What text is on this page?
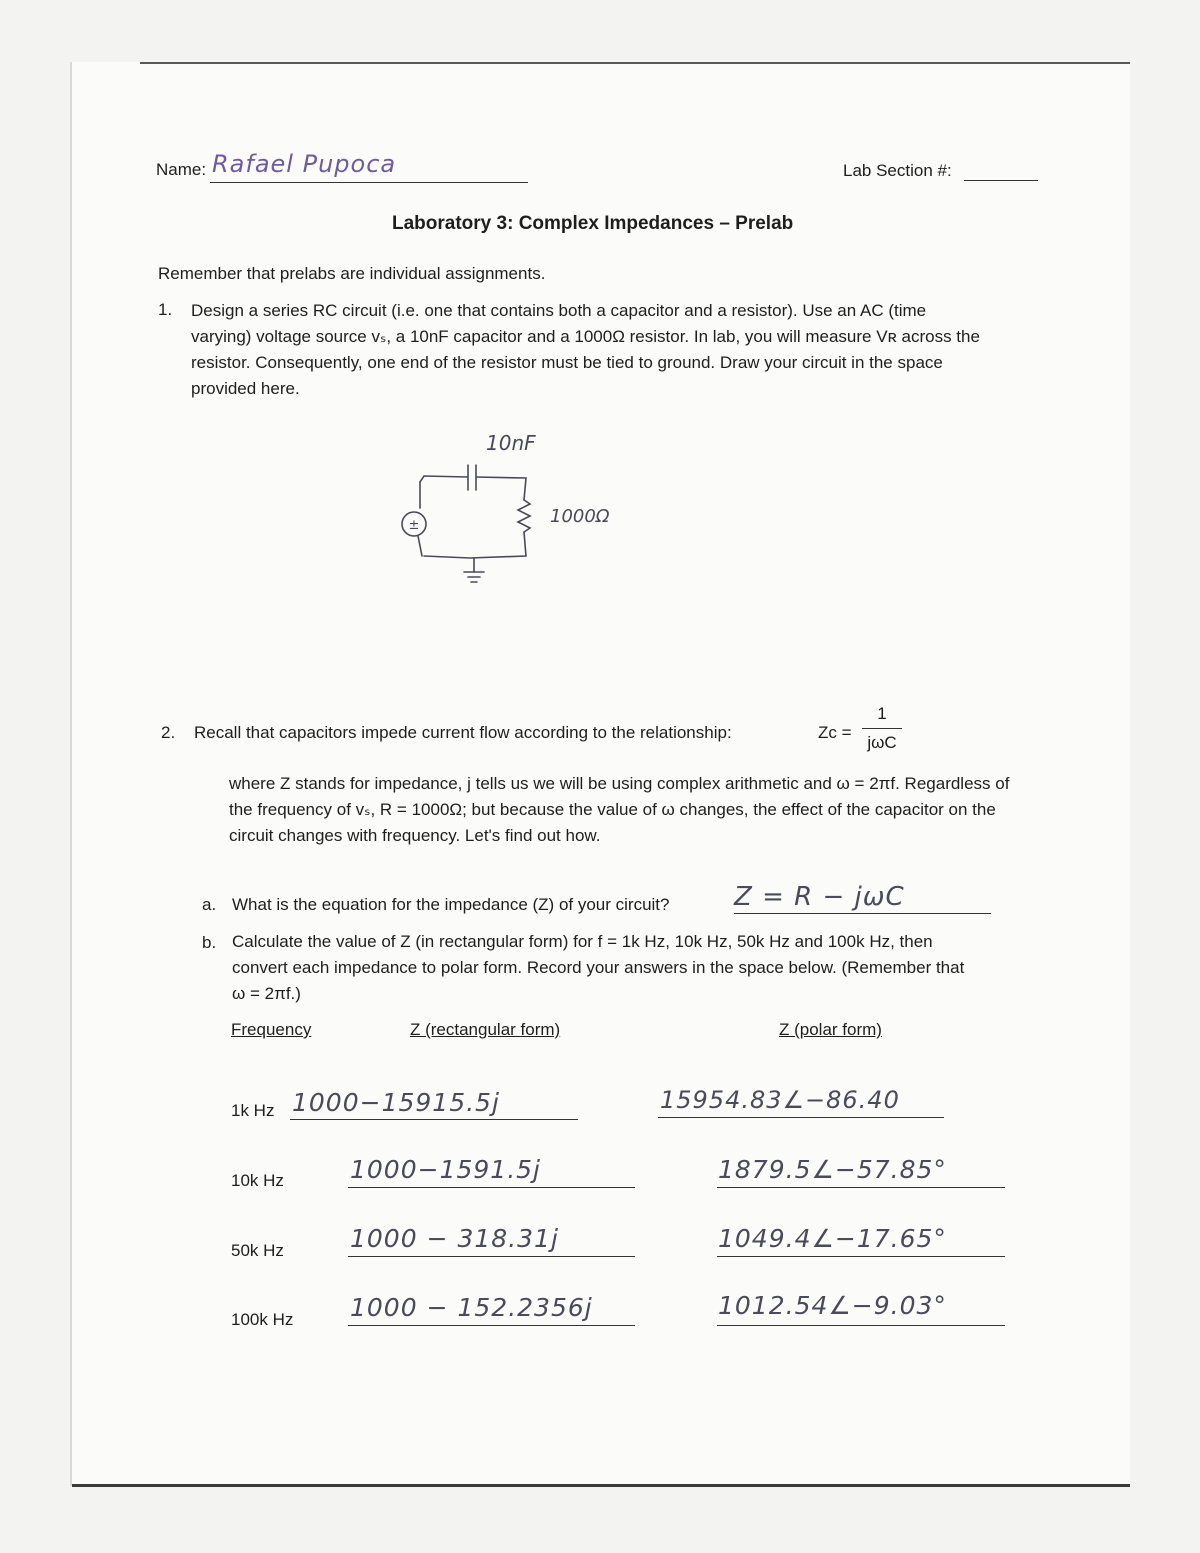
Name: Rafael Pupoca	Lab Section #:
Laboratory 3: Complex Impedances – Prelab
Remember that prelabs are individual assignments.
1. Design a series RC circuit (i.e. one that contains both a capacitor and a resistor). Use an AC (time
varying) voltage source vₛ, a 10nF capacitor and a 1000Ω resistor. In lab, you will measure Vʀ across the
resistor. Consequently, one end of the resistor must be tied to ground. Draw your circuit in the space
provided here.
±
10nF
1000Ω
2. Recall that capacitors impede current flow according to the relationship:	Zc =
1
jωC
where Z stands for impedance, j tells us we will be using complex arithmetic and ω = 2πf. Regardless of
the frequency of vₛ, R = 1000Ω; but because the value of ω changes, the effect of the capacitor on the
circuit changes with frequency. Let's find out how.
a. What is the equation for the impedance (Z) of your circuit? Z = R − jωC
b. Calculate the value of Z (in rectangular form) for f = 1k Hz, 10k Hz, 50k Hz and 100k Hz, then
convert each impedance to polar form. Record your answers in the space below. (Remember that
ω = 2πf.)
Frequency	Z (rectangular form)	Z (polar form)
1k Hz 1000−15915.5j	15954.83∠−86.40
10k Hz	1000−1591.5j	1879.5∠−57.85°
50k Hz	1000 − 318.31j	1049.4∠−17.65°
100k Hz 1000 − 152.2356j	1012.54∠−9.03°
